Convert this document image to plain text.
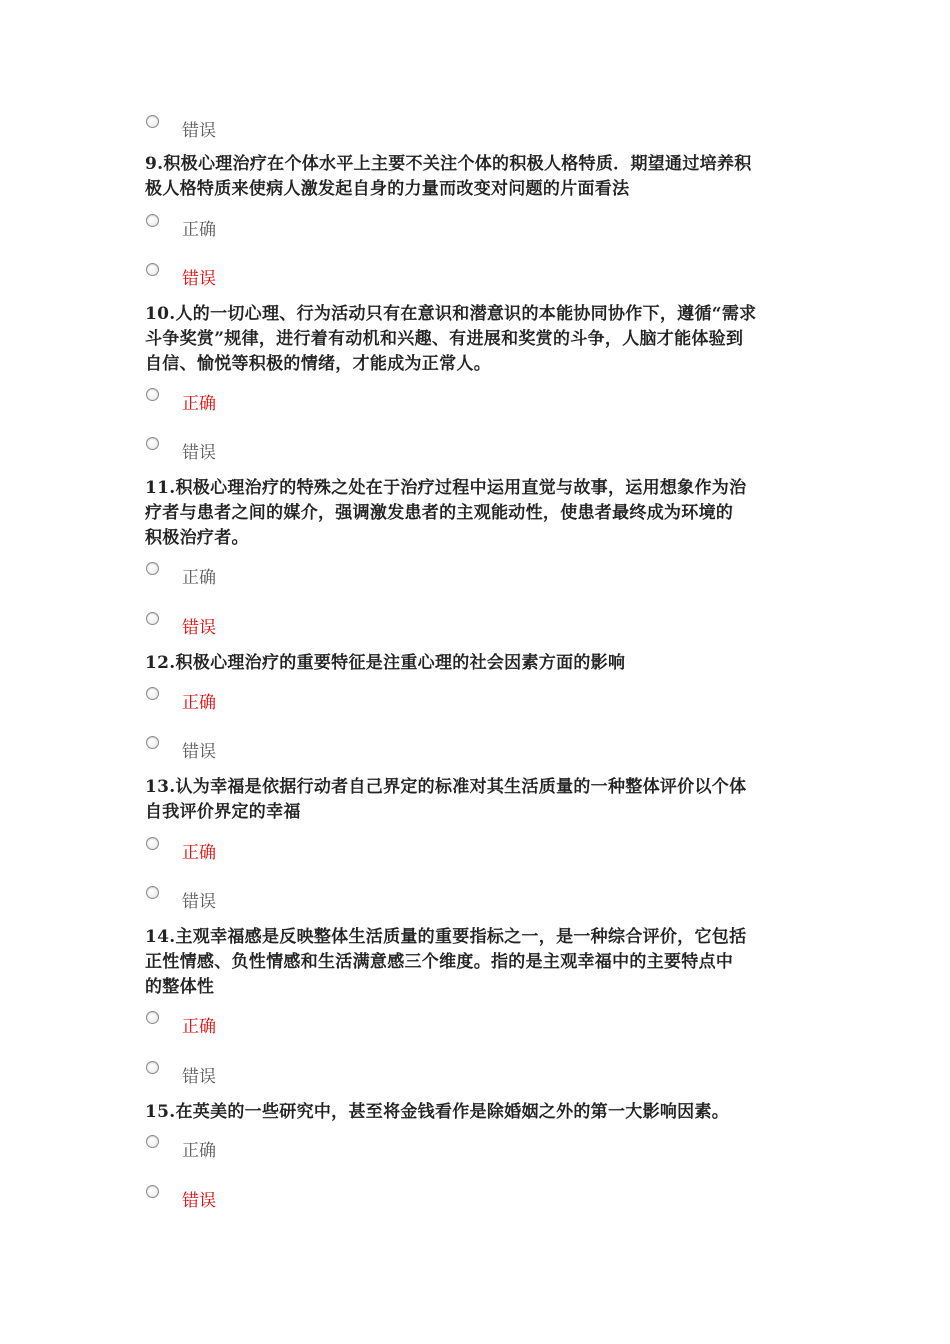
错误
9.积极心理治疗在个体水平上主要不关注个体的积极人格特质．期望通过培养积
极人格特质来使病人激发起自身的力量而改变对问题的片面看法
正确
错误
10.人的一切心理、行为活动只有在意识和潜意识的本能协同协作下，遵循“需求
斗争奖赏”规律，进行着有动机和兴趣、有进展和奖赏的斗争，人脑才能体验到
自信、愉悦等积极的情绪，才能成为正常人。
正确
错误
11.积极心理治疗的特殊之处在于治疗过程中运用直觉与故事，运用想象作为治
疗者与患者之间的媒介，强调激发患者的主观能动性，使患者最终成为环境的
积极治疗者。
正确
错误
12.积极心理治疗的重要特征是注重心理的社会因素方面的影响
正确
错误
13.认为幸福是依据行动者自己界定的标准对其生活质量的一种整体评价以个体
自我评价界定的幸福
正确
错误
14.主观幸福感是反映整体生活质量的重要指标之一，是一种综合评价，它包括
正性情感、负性情感和生活满意感三个维度。指的是主观幸福中的主要特点中
的整体性
正确
错误
15.在英美的一些研究中，甚至将金钱看作是除婚姻之外的第一大影响因素。
正确
错误
